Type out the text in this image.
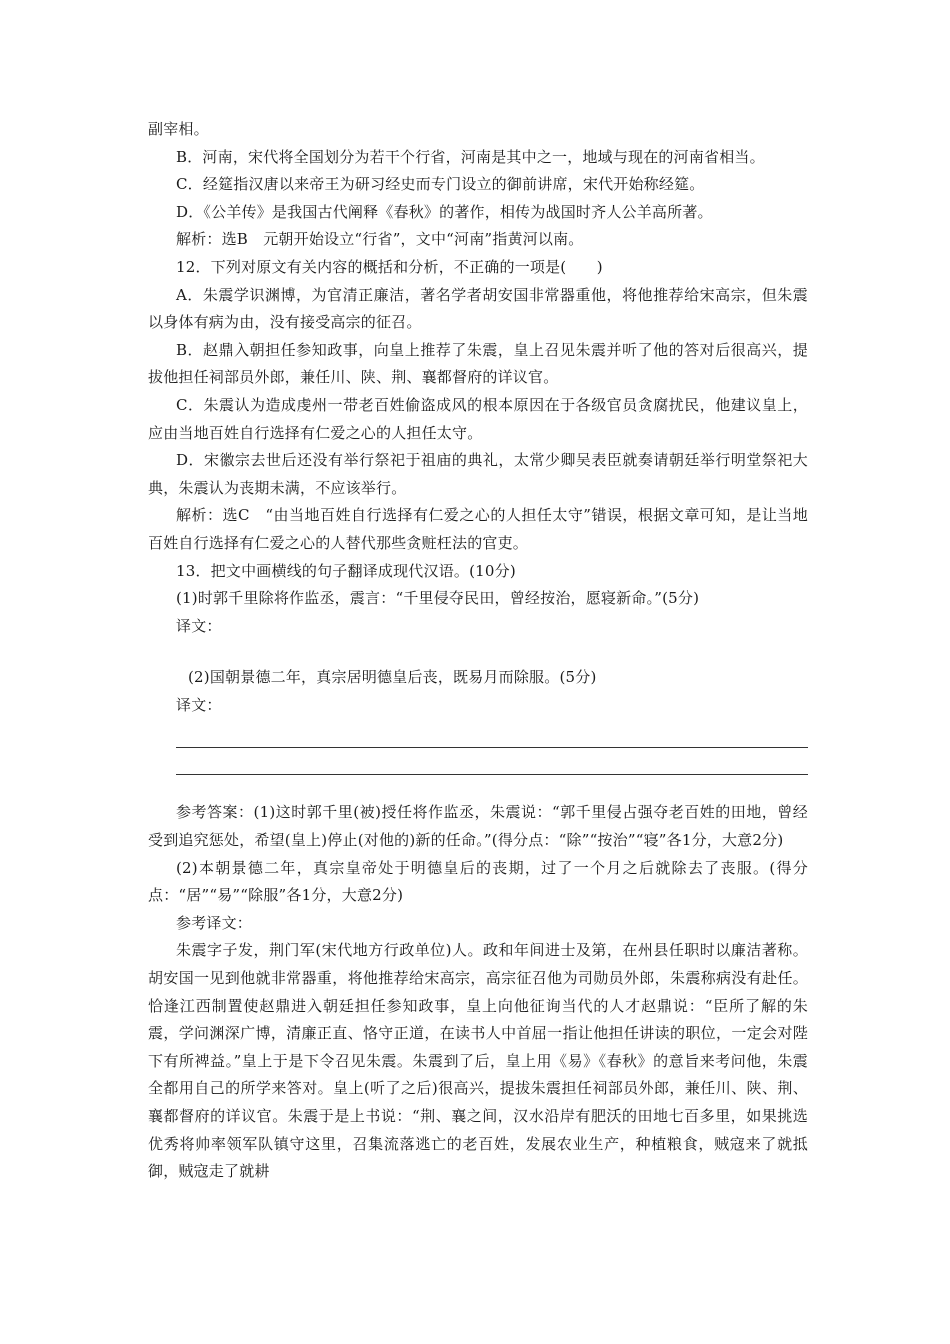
副宰相。

B．河南，宋代将全国划分为若干个行省，河南是其中之一，地域与现在的河南省相当。

C．经筵指汉唐以来帝王为研习经史而专门设立的御前讲席，宋代开始称经筵。

D．《公羊传》是我国古代阐释《春秋》的著作，相传为战国时齐人公羊高所著。

解析：选B　元朝开始设立“行省”，文中“河南”指黄河以南。

12．下列对原文有关内容的概括和分析，不正确的一项是(　　)

A．朱震学识渊博，为官清正廉洁，著名学者胡安国非常器重他，将他推荐给宋高宗，但朱震以身体有病为由，没有接受高宗的征召。

B．赵鼎入朝担任参知政事，向皇上推荐了朱震，皇上召见朱震并听了他的答对后很高兴，提拔他担任祠部员外郎，兼任川、陕、荆、襄都督府的详议官。

C．朱震认为造成虔州一带老百姓偷盗成风的根本原因在于各级官员贪腐扰民，他建议皇上，应由当地百姓自行选择有仁爱之心的人担任太守。

D．宋徽宗去世后还没有举行祭祀于祖庙的典礼，太常少卿吴表臣就奏请朝廷举行明堂祭祀大典，朱震认为丧期未满，不应该举行。

解析：选C　“由当地百姓自行选择有仁爱之心的人担任太守”错误，根据文章可知，是让当地百姓自行选择有仁爱之心的人替代那些贪赃枉法的官吏。

13．把文中画横线的句子翻译成现代汉语。(10分)

(1)时郭千里除将作监丞，震言：“千里侵夺民田，曾经按治，愿寝新命。”(5分)

译文：

(2)国朝景德二年，真宗居明德皇后丧，既易月而除服。(5分)

译文：

参考答案：(1)这时郭千里(被)授任将作监丞，朱震说：“郭千里侵占强夺老百姓的田地，曾经受到追究惩处，希望(皇上)停止(对他的)新的任命。”(得分点：“除”“按治”“寝”各1分，大意2分)

(2)本朝景德二年，真宗皇帝处于明德皇后的丧期，过了一个月之后就除去了丧服。(得分点：“居”“易”“除服”各1分，大意2分)

参考译文：

朱震字子发，荆门军(宋代地方行政单位)人。政和年间进士及第，在州县任职时以廉洁著称。胡安国一见到他就非常器重，将他推荐给宋高宗，高宗征召他为司勋员外郎，朱震称病没有赴任。恰逢江西制置使赵鼎进入朝廷担任参知政事，皇上向他征询当代的人才赵鼎说：“臣所了解的朱震，学问渊深广博，清廉正直、恪守正道，在读书人中首屈一指让他担任讲读的职位，一定会对陛下有所裨益。”皇上于是下令召见朱震。朱震到了后，皇上用《易》《春秋》的意旨来考问他，朱震全都用自己的所学来答对。皇上(听了之后)很高兴，提拔朱震担任祠部员外郎，兼任川、陕、荆、襄都督府的详议官。朱震于是上书说：“荆、襄之间，汉水沿岸有肥沃的田地七百多里，如果挑选优秀将帅率领军队镇守这里，召集流落逃亡的老百姓，发展农业生产，种植粮食，贼寇来了就抵御，贼寇走了就耕
